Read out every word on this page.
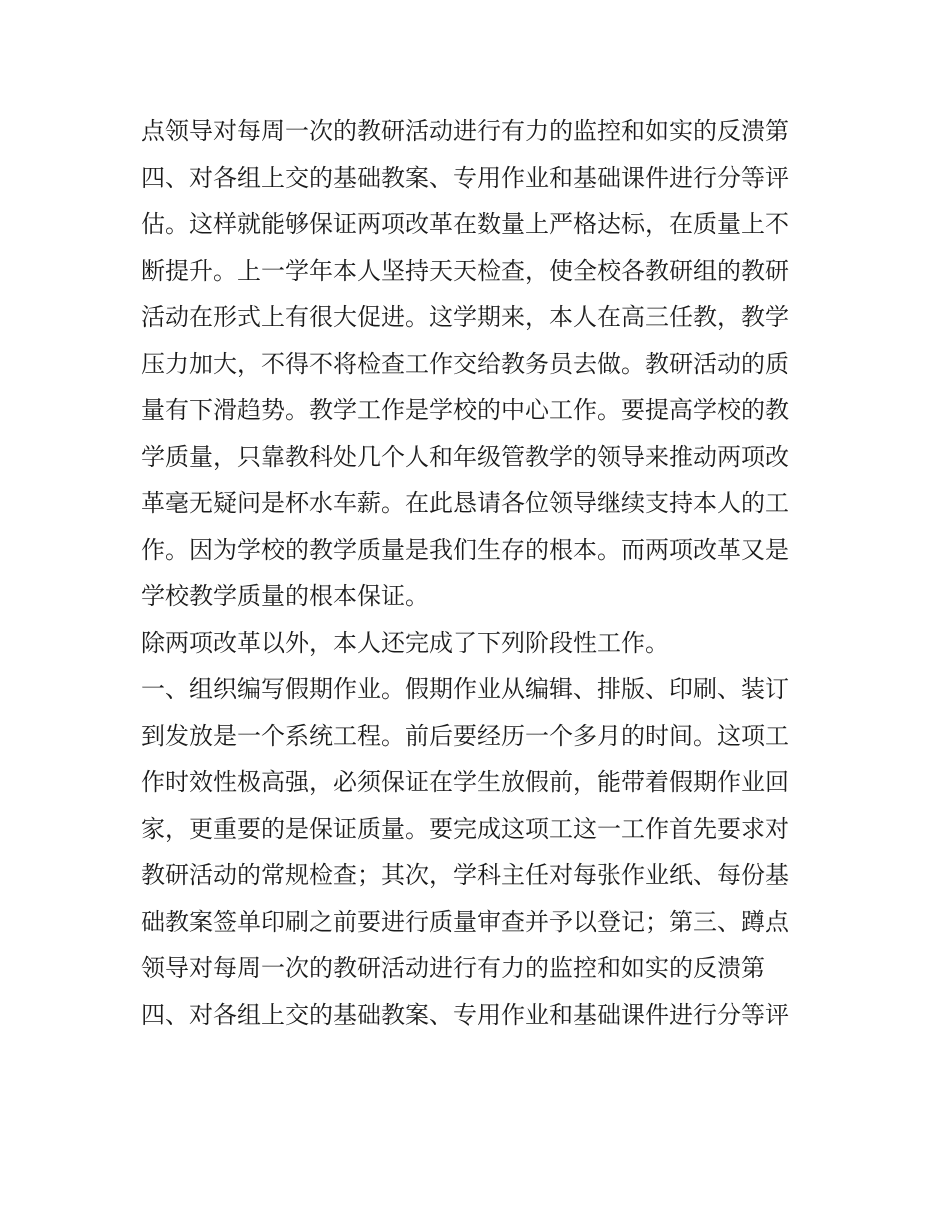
点领导对每周一次的教研活动进行有力的监控和如实的反溃第
四、对各组上交的基础教案、专用作业和基础课件进行分等评
估。这样就能够保证两项改革在数量上严格达标，在质量上不
断提升。上一学年本人坚持天天检查，使全校各教研组的教研
活动在形式上有很大促进。这学期来，本人在高三任教，教学
压力加大，不得不将检查工作交给教务员去做。教研活动的质
量有下滑趋势。教学工作是学校的中心工作。要提高学校的教
学质量，只靠教科处几个人和年级管教学的领导来推动两项改
革毫无疑问是杯水车薪。在此恳请各位领导继续支持本人的工
作。因为学校的教学质量是我们生存的根本。而两项改革又是
学校教学质量的根本保证。
除两项改革以外，本人还完成了下列阶段性工作。
一、组织编写假期作业。假期作业从编辑、排版、印刷、装订
到发放是一个系统工程。前后要经历一个多月的时间。这项工
作时效性极高强，必须保证在学生放假前，能带着假期作业回
家，更重要的是保证质量。要完成这项工这一工作首先要求对
教研活动的常规检查；其次，学科主任对每张作业纸、每份基
础教案签单印刷之前要进行质量审查并予以登记；第三、蹲点
领导对每周一次的教研活动进行有力的监控和如实的反溃第
四、对各组上交的基础教案、专用作业和基础课件进行分等评
